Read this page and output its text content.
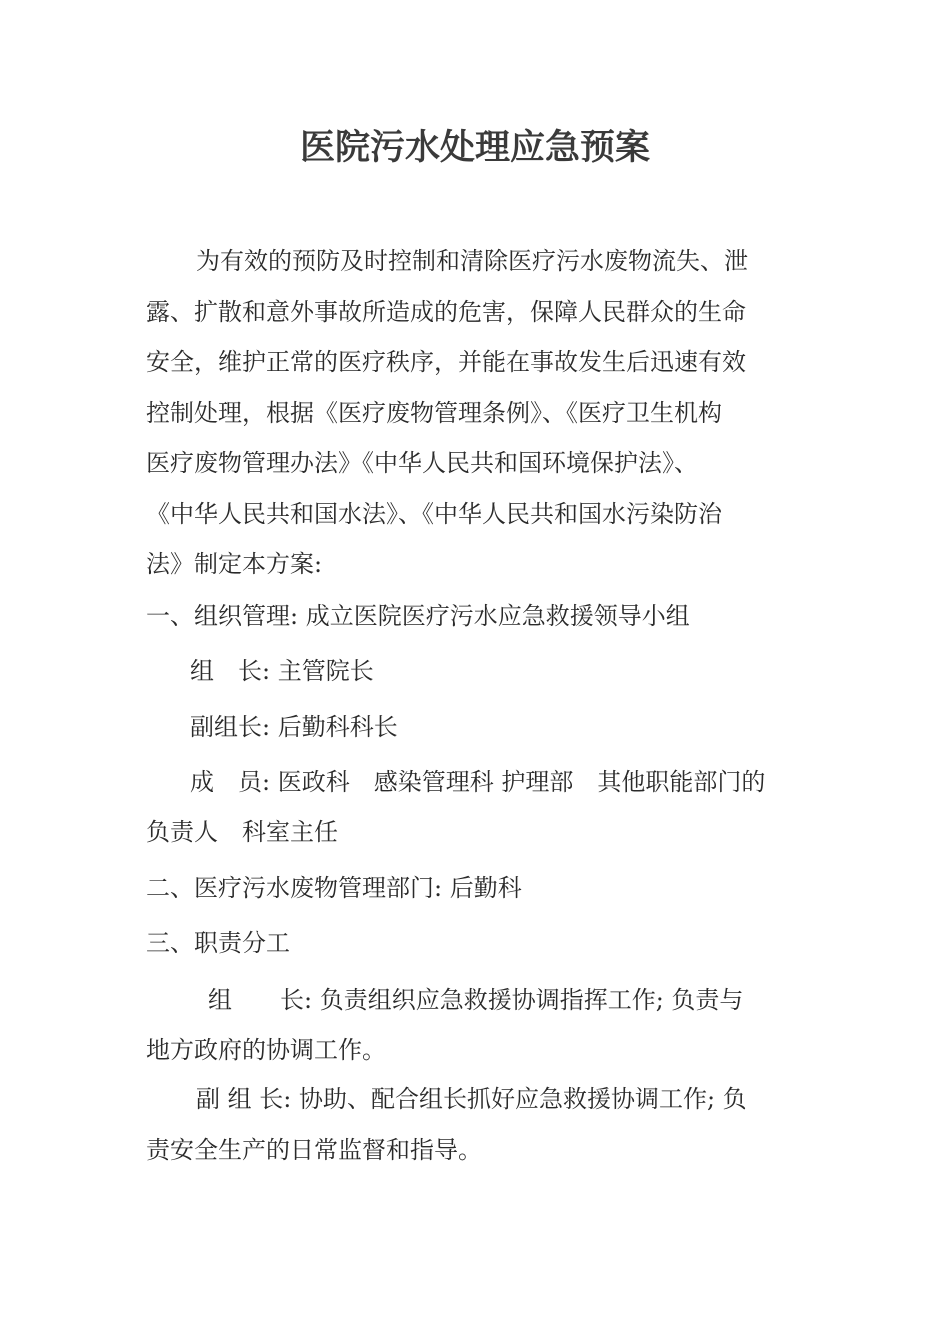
医院污水处理应急预案
为有效的预防及时控制和清除医疗污水废物流失、泄
露、扩散和意外事故所造成的危害，保障人民群众的生命
安全，维护正常的医疗秩序，并能在事故发生后迅速有效
控制处理，根据《医疗废物管理条例》、《医疗卫生机构
医疗废物管理办法》《中华人民共和国环境保护法》、
《中华人民共和国水法》、《中华人民共和国水污染防治
法》制定本方案:
一、组织管理: 成立医院医疗污水应急救援领导小组
组　长: 主管院长
副组长: 后勤科科长
成　员: 医政科　感染管理科 护理部　其他职能部门的
负责人　科室主任
二、医疗污水废物管理部门: 后勤科
三、职责分工
组　　长: 负责组织应急救援协调指挥工作; 负责与
地方政府的协调工作。
副 组 长: 协助、配合组长抓好应急救援协调工作; 负
责安全生产的日常监督和指导。
